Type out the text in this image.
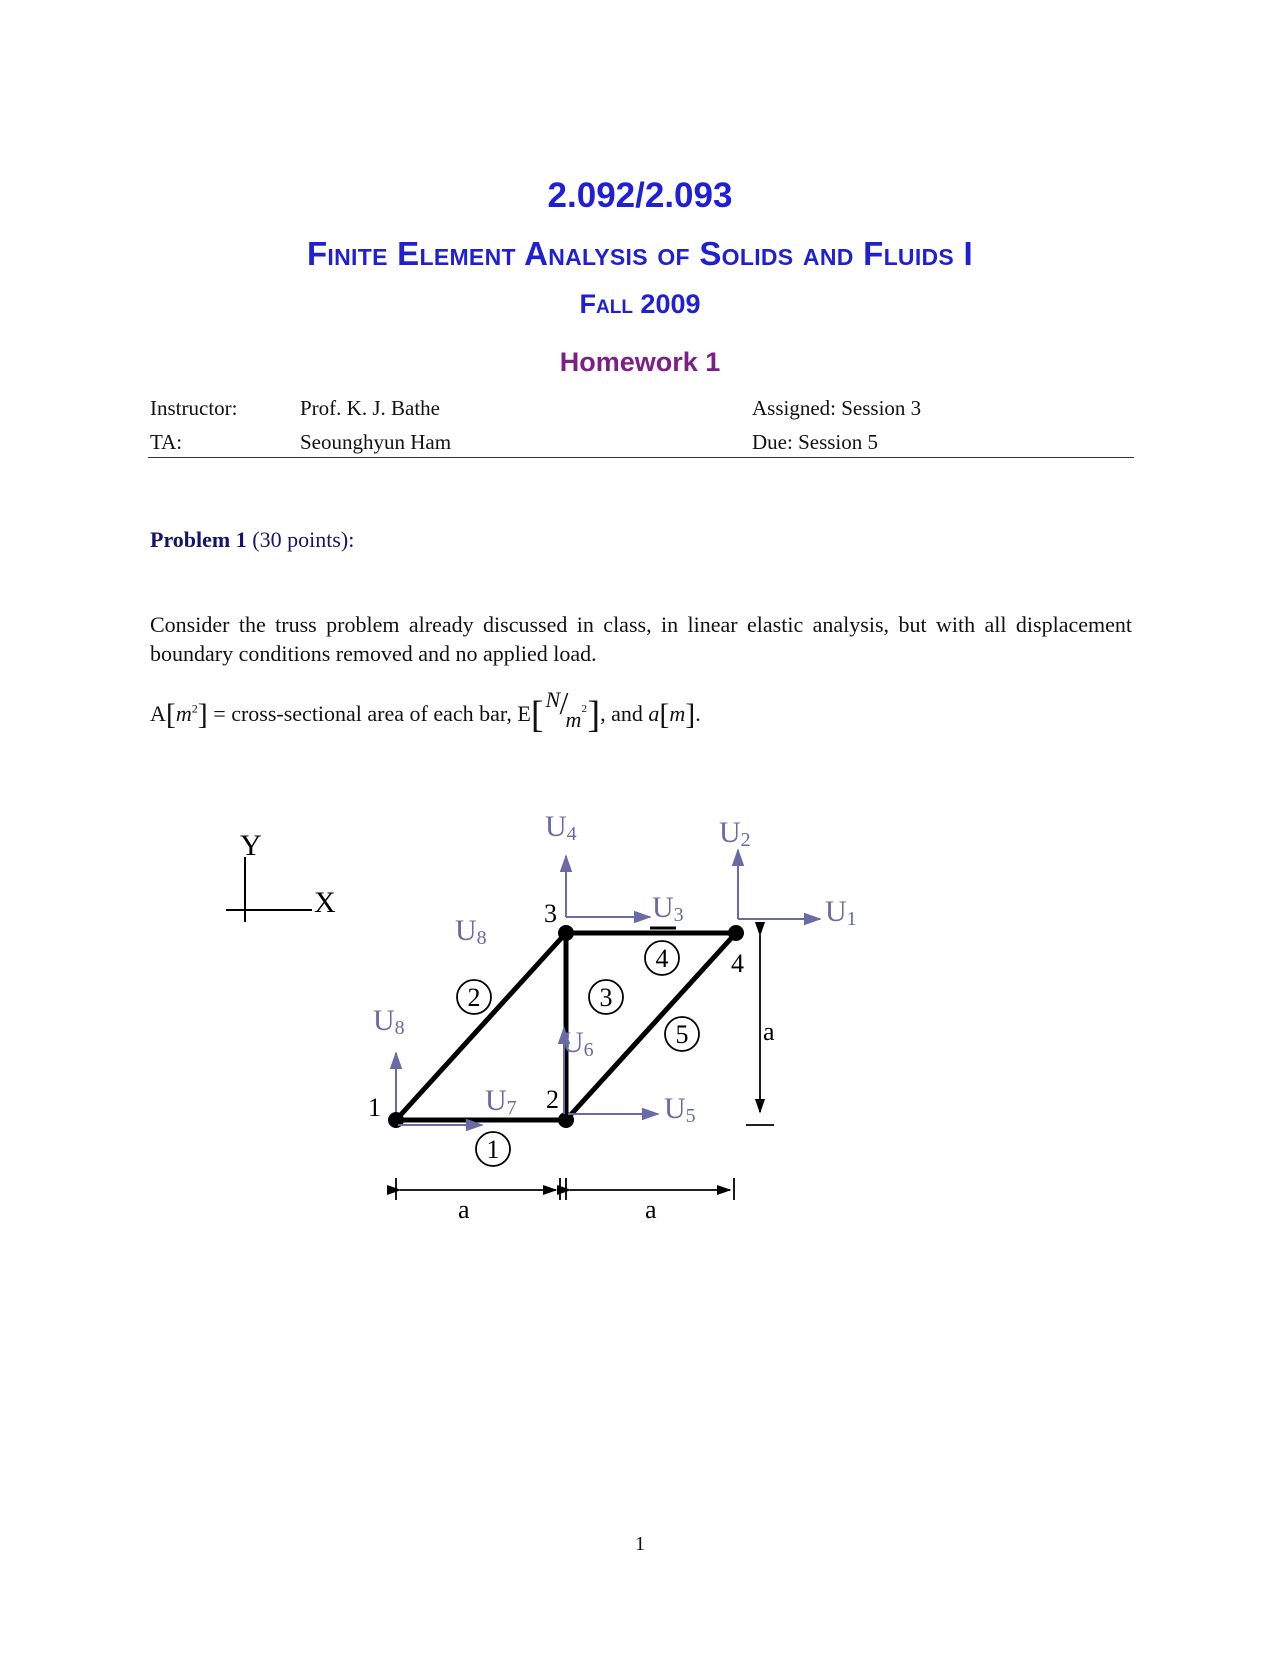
2.092/2.093
Finite Element Analysis of Solids and Fluids I
Fall 2009
Homework 1
Instructor:	Prof. K. J. Bathe	Assigned: Session 3
TA:	Seounghyun Ham	Due: Session 5
Problem 1 (30 points):
Consider the truss problem already discussed in class, in linear elastic analysis, but with all displacement boundary conditions removed and no applied load.
$A[m^2]$ = cross-sectional area of each bar, E[ N /
m 2 ], and a[m].
Y
X
1	2
3
4
1
2	3
4
5
U1
U2
U3
U4
U5
U6
U7
U8
U8
a	a
a
1
